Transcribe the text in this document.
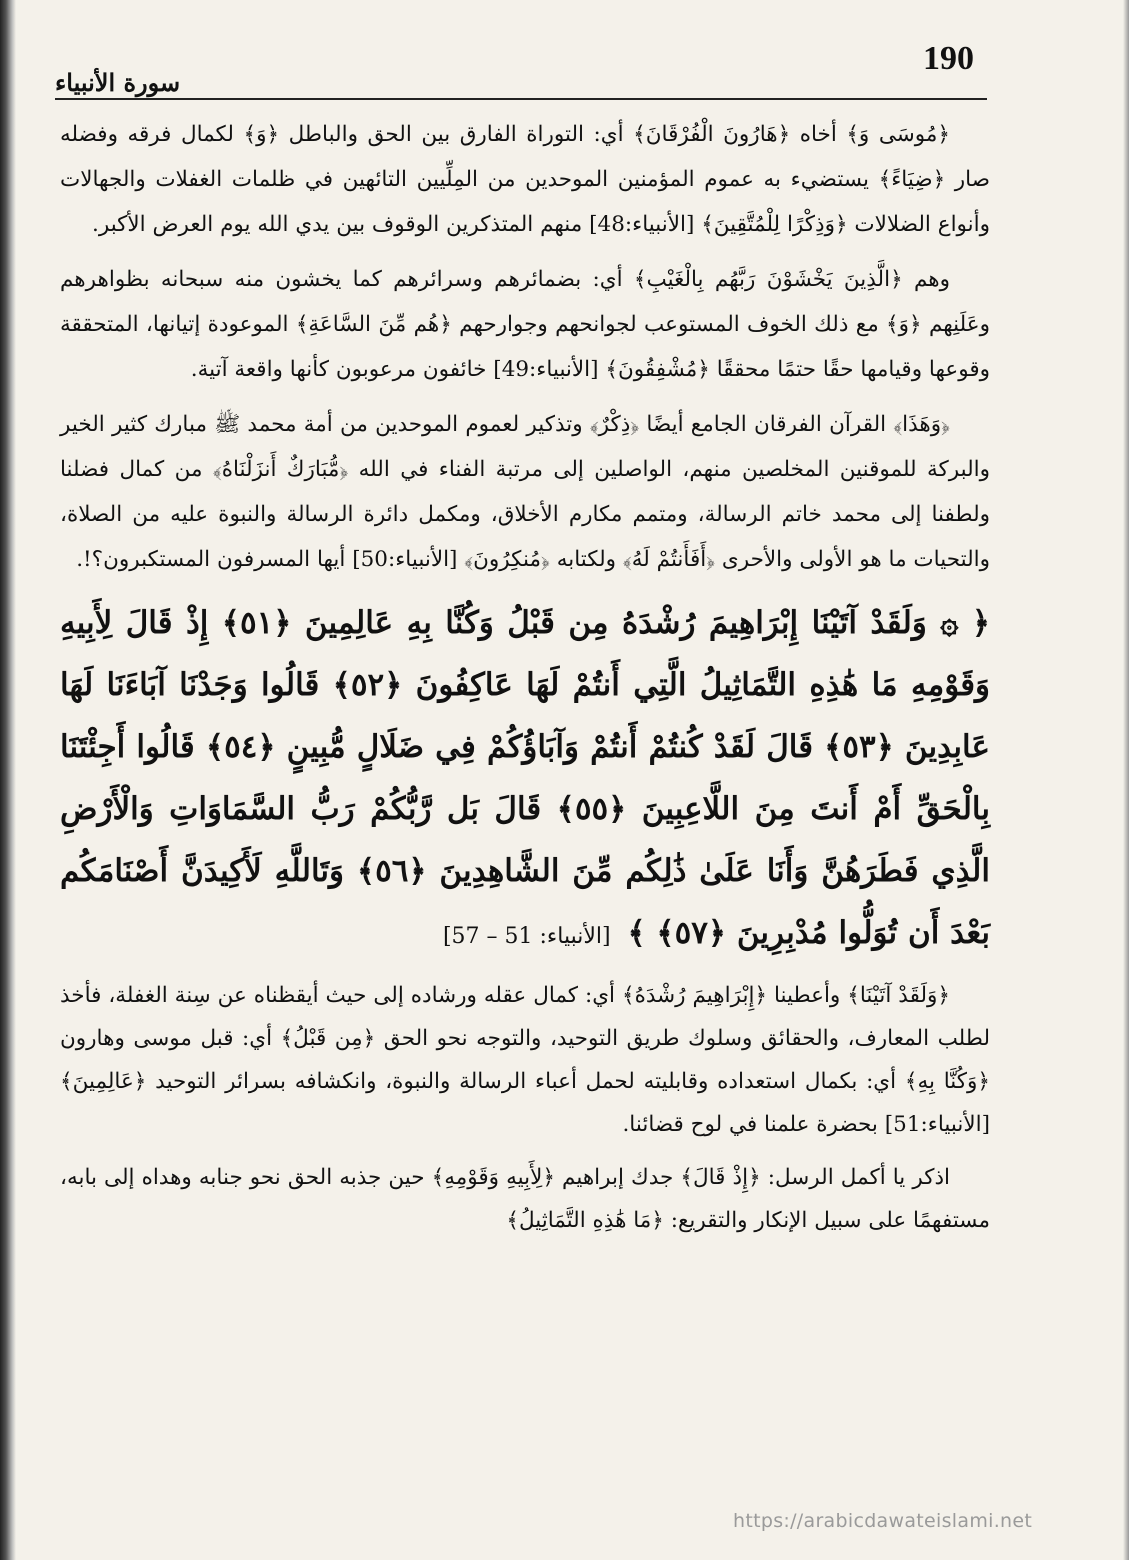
190
سورة الأنبياء

﴿مُوسَى وَ﴾ أخاه ﴿هَارُونَ الْفُرْقَانَ﴾ أي: التوراة الفارق بين الحق والباطل ﴿وَ﴾ لكمال فرقه وفضله صار ﴿ضِيَاءً﴾ يستضيء به عموم المؤمنين الموحدين من المِلِّيين التائهين في ظلمات الغفلات والجهالات وأنواع الضلالات ﴿وَذِكْرًا لِلْمُتَّقِينَ﴾ [الأنبياء:48] منهم المتذكرين الوقوف بين يدي الله يوم العرض الأكبر.

وهم ﴿الَّذِينَ يَخْشَوْنَ رَبَّهُم بِالْغَيْبِ﴾ أي: بضمائرهم وسرائرهم كما يخشون منه سبحانه بظواهرهم وعَلَنِهم ﴿وَ﴾ مع ذلك الخوف المستوعب لجوانحهم وجوارحهم ﴿هُم مِّنَ السَّاعَةِ﴾ الموعودة إتيانها، المتحققة وقوعها وقيامها حقًا حتمًا محققًا ﴿مُشْفِقُونَ﴾ [الأنبياء:49] خائفون مرعوبون كأنها واقعة آتية.

﴿وَهَذَا﴾ القرآن الفرقان الجامع أيضًا ﴿ذِكْرٌ﴾ وتذكير لعموم الموحدين من أمة محمد ﷺ مبارك كثير الخير والبركة للموقنين المخلصين منهم، الواصلين إلى مرتبة الفناء في الله ﴿مُّبَارَكٌ أَنزَلْنَاهُ﴾ من كمال فضلنا ولطفنا إلى محمد خاتم الرسالة، ومتمم مكارم الأخلاق، ومكمل دائرة الرسالة والنبوة عليه من الصلاة، والتحيات ما هو الأولى والأحرى ﴿أَفَأَنتُمْ لَهُ﴾ ولكتابه ﴿مُنكِرُونَ﴾ [الأنبياء:50] أيها المسرفون المستكبرون؟!.

﴿ ۞ وَلَقَدْ آتَيْنَا إِبْرَاهِيمَ رُشْدَهُ مِن قَبْلُ وَكُنَّا بِهِ عَالِمِينَ ﴿٥١﴾ إِذْ قَالَ لِأَبِيهِ وَقَوْمِهِ مَا هَٰذِهِ التَّمَاثِيلُ الَّتِي أَنتُمْ لَهَا عَاكِفُونَ ﴿٥٢﴾ قَالُوا وَجَدْنَا آبَاءَنَا لَهَا عَابِدِينَ ﴿٥٣﴾ قَالَ لَقَدْ كُنتُمْ أَنتُمْ وَآبَاؤُكُمْ فِي ضَلَالٍ مُّبِينٍ ﴿٥٤﴾ قَالُوا أَجِئْتَنَا بِالْحَقِّ أَمْ أَنتَ مِنَ اللَّاعِبِينَ ﴿٥٥﴾ قَالَ بَل رَّبُّكُمْ رَبُّ السَّمَاوَاتِ وَالْأَرْضِ الَّذِي فَطَرَهُنَّ وَأَنَا عَلَىٰ ذَٰلِكُم مِّنَ الشَّاهِدِينَ ﴿٥٦﴾ وَتَاللَّهِ لَأَكِيدَنَّ أَصْنَامَكُم بَعْدَ أَن تُوَلُّوا مُدْبِرِينَ ﴿٥٧﴾ ﴾ [الأنبياء: 51 – 57]

﴿وَلَقَدْ آتَيْنَا﴾ وأعطينا ﴿إِبْرَاهِيمَ رُشْدَهُ﴾ أي: كمال عقله ورشاده إلى حيث أيقظناه عن سِنة الغفلة، فأخذ لطلب المعارف، والحقائق وسلوك طريق التوحيد، والتوجه نحو الحق ﴿مِن قَبْلُ﴾ أي: قبل موسى وهارون ﴿وَكُنَّا بِهِ﴾ أي: بكمال استعداده وقابليته لحمل أعباء الرسالة والنبوة، وانكشافه بسرائر التوحيد ﴿عَالِمِينَ﴾ [الأنبياء:51] بحضرة علمنا في لوح قضائنا.

اذكر يا أكمل الرسل: ﴿إِذْ قَالَ﴾ جدك إبراهيم ﴿لِأَبِيهِ وَقَوْمِهِ﴾ حين جذبه الحق نحو جنابه وهداه إلى بابه، مستفهمًا على سبيل الإنكار والتقريع: ﴿مَا هَٰذِهِ التَّمَاثِيلُ﴾

https://arabicdawateislami.net
